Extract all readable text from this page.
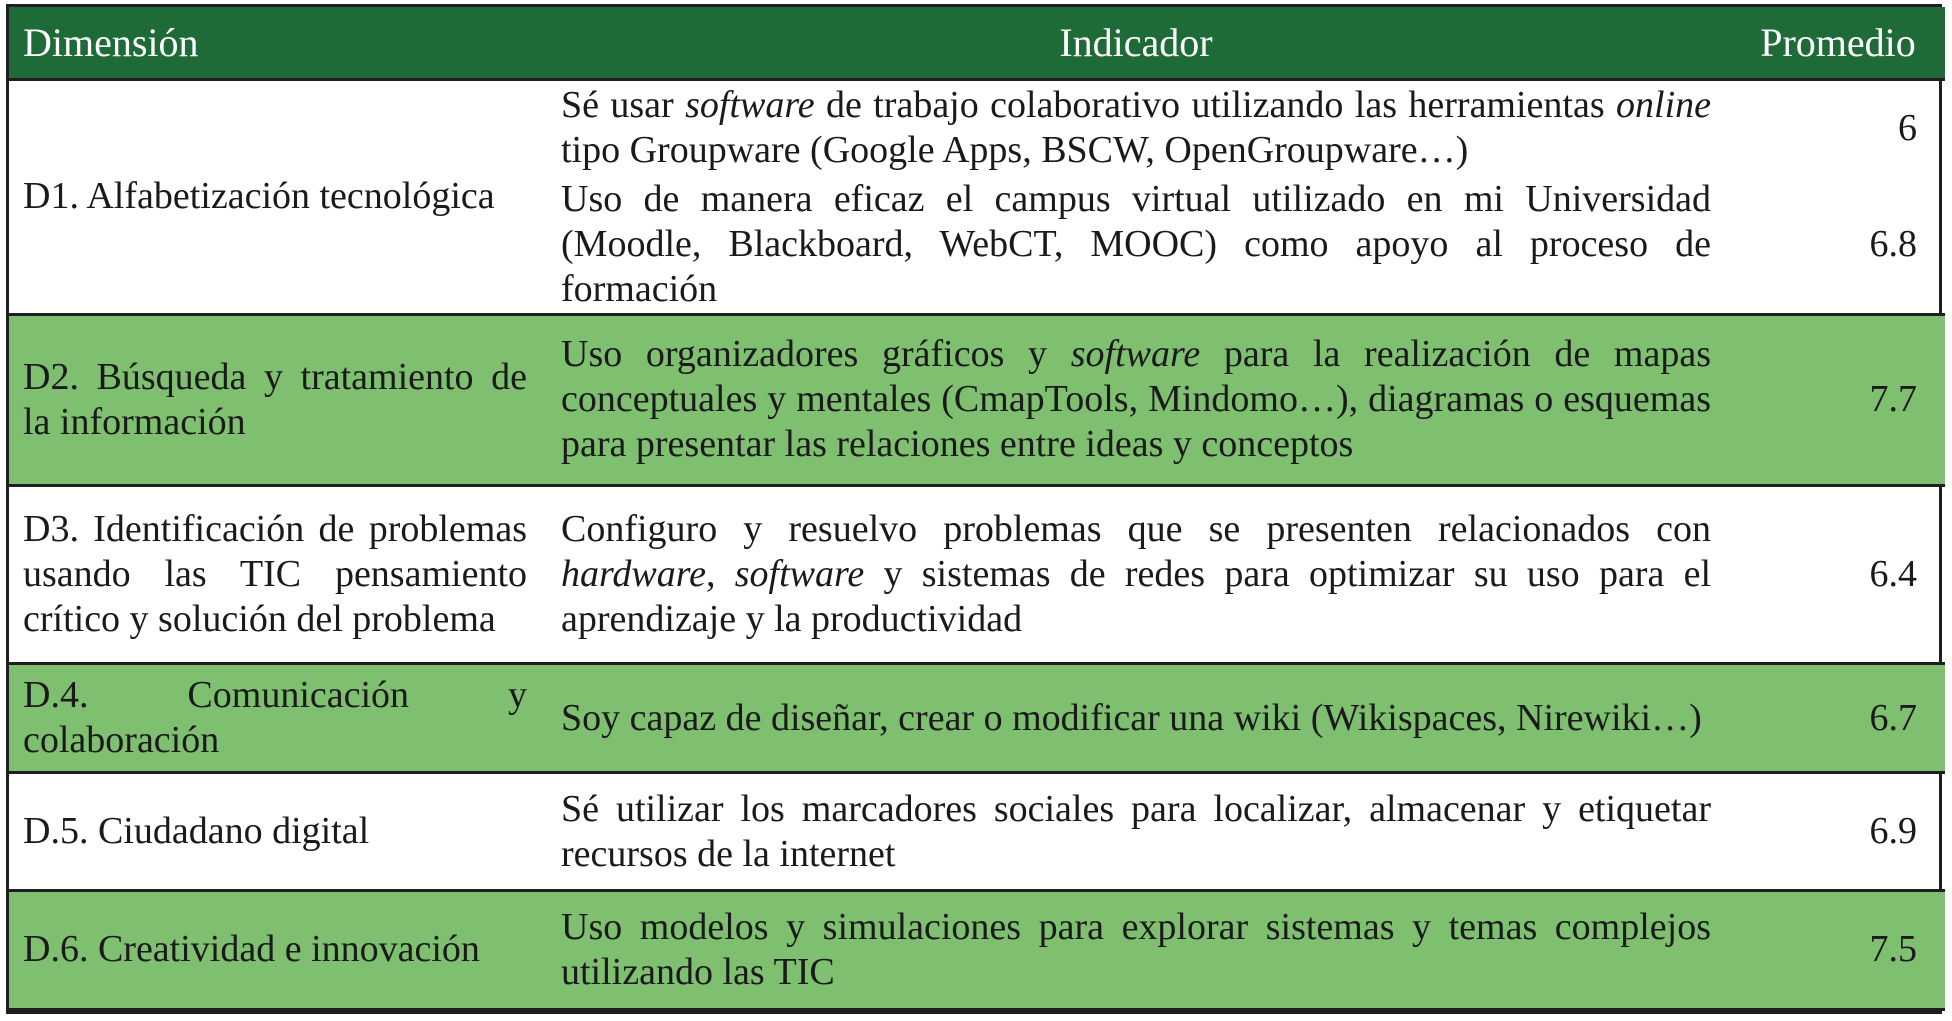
Dimensión	Indicador	Promedio
D1. Alfabetización tecnológica	Sé usar software de trabajo colaborativo utilizando las herramientas online tipo Groupware (Google Apps, BSCW, OpenGroupware…)	6
	Uso de manera eficaz el campus virtual utilizado en mi Universidad (Moodle, Blackboard, WebCT, MOOC) como apoyo al proceso de formación	6.8
D2. Búsqueda y tratamiento de la información	Uso organizadores gráficos y software para la realización de mapas conceptuales y mentales (CmapTools, Mindomo…), diagramas o esquemas para presentar las relaciones entre ideas y conceptos	7.7
D3. Identificación de problemas usando las TIC pensamiento crítico y solución del problema	Configuro y resuelvo problemas que se presenten relacionados con hardware, software y sistemas de redes para optimizar su uso para el aprendizaje y la productividad	6.4
D.4. Comunicación y colaboración	Soy capaz de diseñar, crear o modificar una wiki (Wikispaces, Nirewiki…)	6.7
D.5. Ciudadano digital	Sé utilizar los marcadores sociales para localizar, almacenar y etiquetar recursos de la internet	6.9
D.6. Creatividad e innovación	Uso modelos y simulaciones para explorar sistemas y temas complejos utilizando las TIC	7.5
